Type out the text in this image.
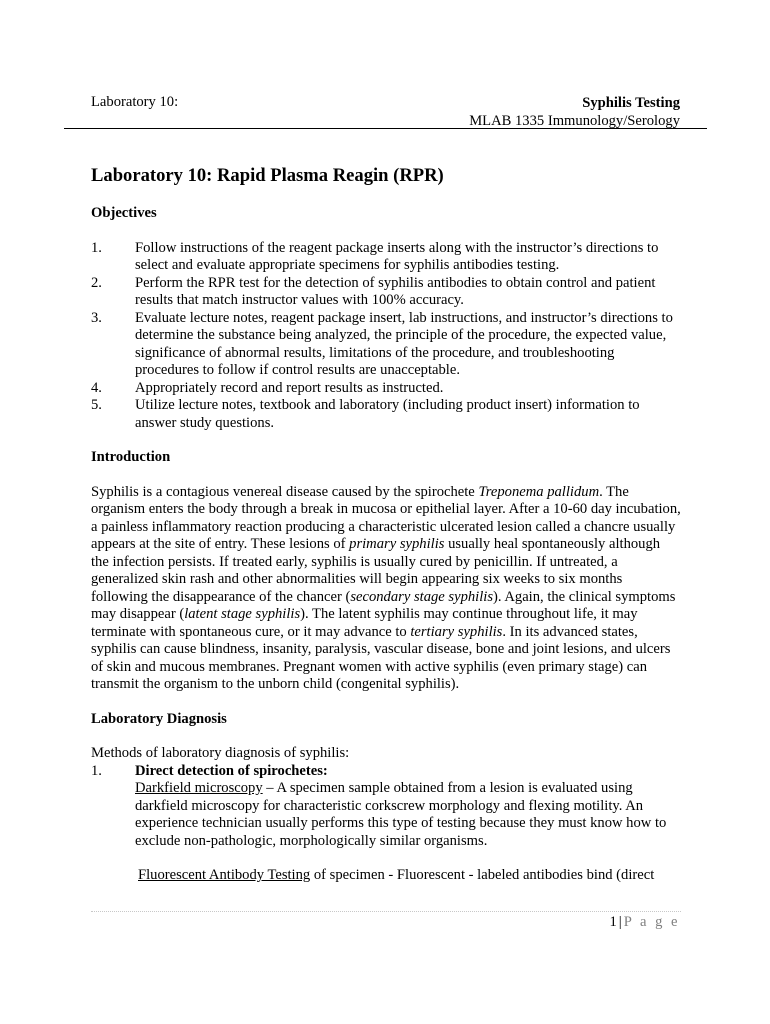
Laboratory 10:	Syphilis Testing
MLAB 1335 Immunology/Serology
Laboratory 10: Rapid Plasma Reagin (RPR)
Objectives
1. Follow instructions of the reagent package inserts along with the instructor’s directions to select and evaluate appropriate specimens for syphilis antibodies testing.
2. Perform the RPR test for the detection of syphilis antibodies to obtain control and patient results that match instructor values with 100% accuracy.
3. Evaluate lecture notes, reagent package insert, lab instructions, and instructor’s directions to determine the substance being analyzed, the principle of the procedure, the expected value, significance of abnormal results, limitations of the procedure, and troubleshooting procedures to follow if control results are unacceptable.
4. Appropriately record and report results as instructed.
5. Utilize lecture notes, textbook and laboratory (including product insert) information to answer study questions.
Introduction

Syphilis is a contagious venereal disease caused by the spirochete Treponema pallidum. The organism enters the body through a break in mucosa or epithelial layer. After a 10-60 day incubation, a painless inflammatory reaction producing a characteristic ulcerated lesion called a chancre usually appears at the site of entry. These lesions of primary syphilis usually heal spontaneously although the infection persists. If treated early, syphilis is usually cured by penicillin. If untreated, a generalized skin rash and other abnormalities will begin appearing six weeks to six months following the disappearance of the chancer (secondary stage syphilis). Again, the clinical symptoms may disappear (latent stage syphilis). The latent syphilis may continue throughout life, it may terminate with spontaneous cure, or it may advance to tertiary syphilis. In its advanced states, syphilis can cause blindness, insanity, paralysis, vascular disease, bone and joint lesions, and ulcers of skin and mucous membranes. Pregnant women with active syphilis (even primary stage) can transmit the organism to the unborn child (congenital syphilis).

Laboratory Diagnosis

Methods of laboratory diagnosis of syphilis:

1. Direct detection of spirochetes:
Darkfield microscopy – A specimen sample obtained from a lesion is evaluated using darkfield microscopy for characteristic corkscrew morphology and flexing motility. An experience technician usually performs this type of testing because they must know how to exclude non-pathologic, morphologically similar organisms.

Fluorescent Antibody Testing of specimen - Fluorescent - labeled antibodies bind (direct

1 | P a g e
